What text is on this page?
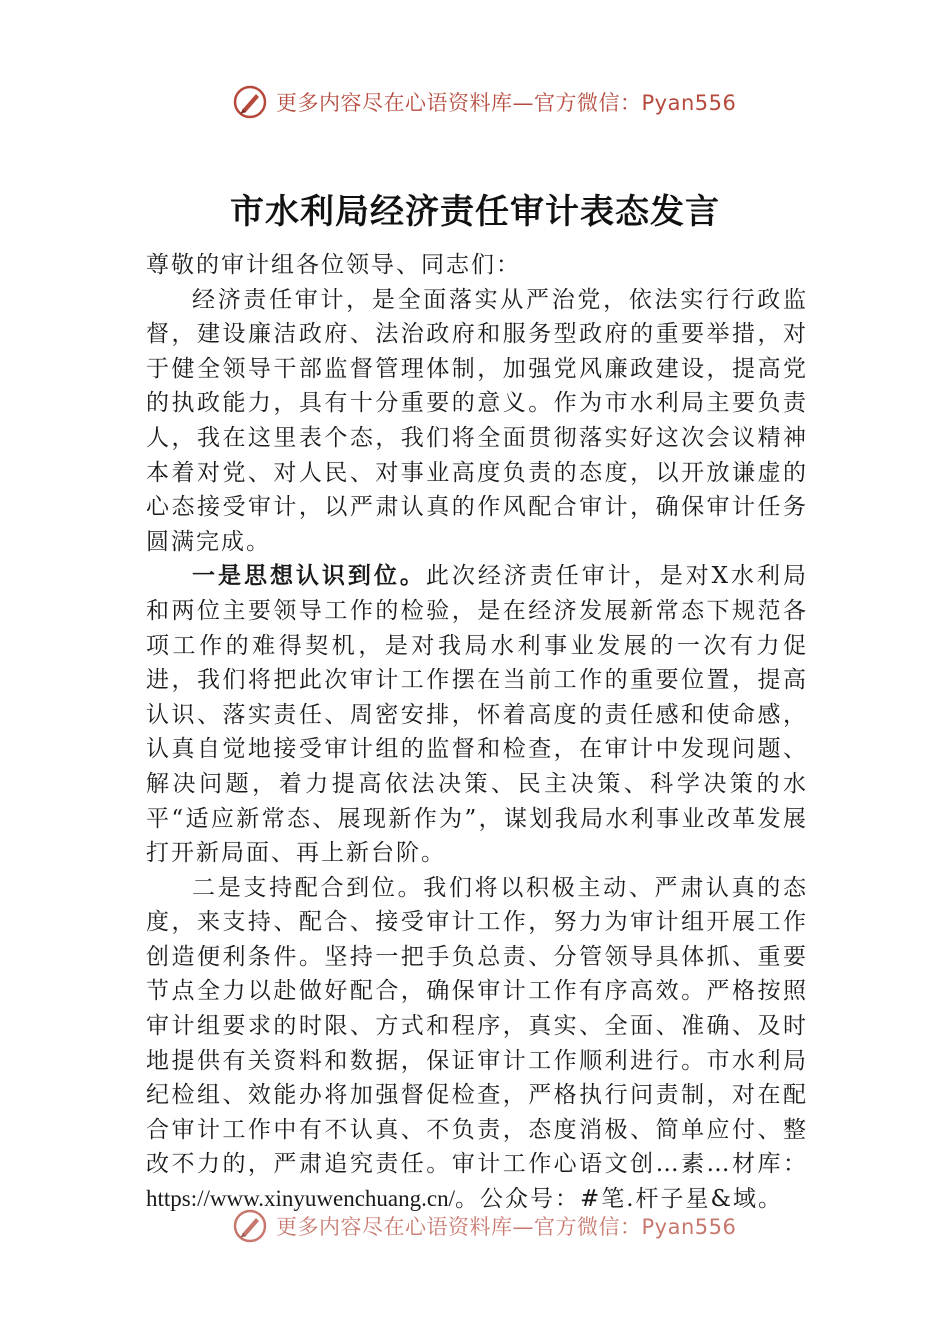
更多内容尽在心语资料库—官方微信：Pyan556
市水利局经济责任审计表态发言

尊敬的审计组各位领导、同志们：

经济责任审计，是全面落实从严治党，依法实行行政监督，建设廉洁政府、法治政府和服务型政府的重要举措，对于健全领导干部监督管理体制，加强党风廉政建设，提高党的执政能力，具有十分重要的意义。作为市水利局主要负责人，我在这里表个态，我们将全面贯彻落实好这次会议精神本着对党、对人民、对事业高度负责的态度，以开放谦虚的心态接受审计，以严肃认真的作风配合审计，确保审计任务圆满完成。

一是思想认识到位。此次经济责任审计，是对X水利局和两位主要领导工作的检验，是在经济发展新常态下规范各项工作的难得契机，是对我局水利事业发展的一次有力促进，我们将把此次审计工作摆在当前工作的重要位置，提高认识、落实责任、周密安排，怀着高度的责任感和使命感，认真自觉地接受审计组的监督和检查，在审计中发现问题、解决问题，着力提高依法决策、民主决策、科学决策的水平“适应新常态、展现新作为”，谋划我局水利事业改革发展打开新局面、再上新台阶。

二是支持配合到位。我们将以积极主动、严肃认真的态度，来支持、配合、接受审计工作，努力为审计组开展工作创造便利条件。坚持一把手负总责、分管领导具体抓、重要节点全力以赴做好配合，确保审计工作有序高效。严格按照审计组要求的时限、方式和程序，真实、全面、准确、及时地提供有关资料和数据，保证审计工作顺利进行。市水利局纪检组、效能办将加强督促检查，严格执行问责制，对在配合审计工作中有不认真、不负责，态度消极、简单应付、整改不力的，严肃追究责任。审计工作心语文创…素…材库：https://www.xinyuwenchuang.cn/。公众号：#笔.杆子星&域。

更多内容尽在心语资料库—官方微信：Pyan556
